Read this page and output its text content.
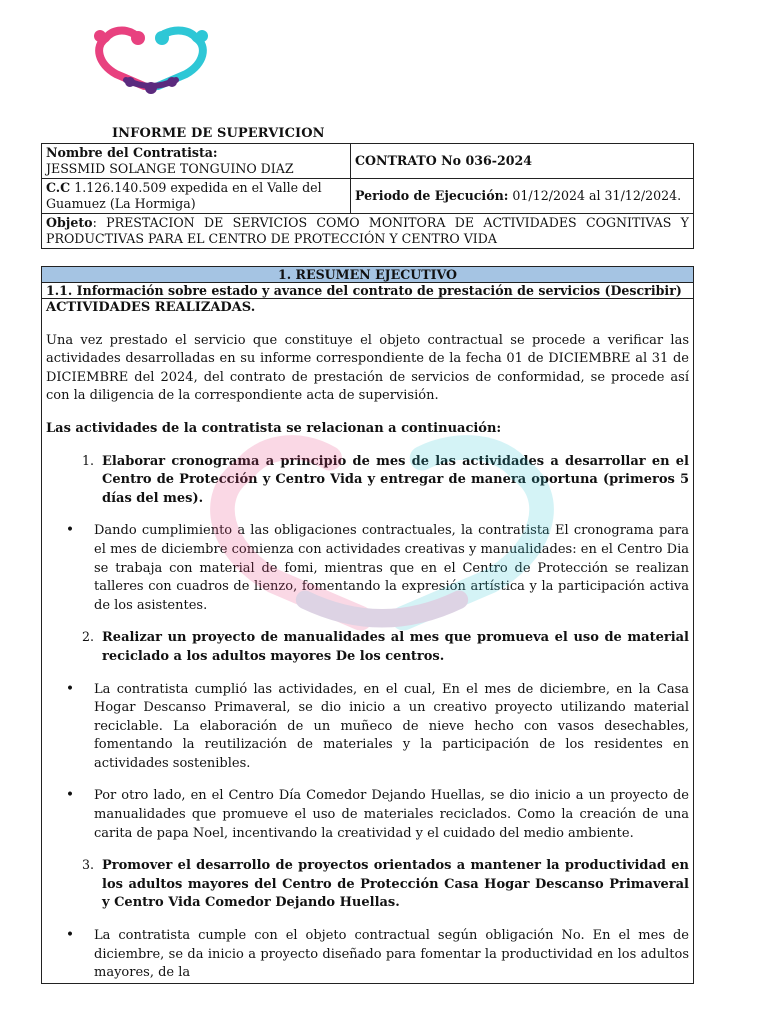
INFORME DE SUPERVICION
Nombre del Contratista:
JESSMID SOLANGE TONGUINO DIAZ	CONTRATO No 036-2024
C.C 1.126.140.509 expedida en el Valle del Guamuez (La Hormiga)	Periodo de Ejecución: 01/12/2024 al 31/12/2024.
Objeto: PRESTACION DE SERVICIOS COMO MONITORA DE ACTIVIDADES COGNITIVAS Y PRODUCTIVAS PARA EL CENTRO DE PROTECCIÓN Y CENTRO VIDA	
1. RESUMEN EJECUTIVO
1.1. Información sobre estado y avance del contrato de prestación de servicios (Describir)

ACTIVIDADES REALIZADAS.

Una vez prestado el servicio que constituye el objeto contractual se procede a verificar las actividades desarrolladas en su informe correspondiente de la fecha 01 de DICIEMBRE al 31 de DICIEMBRE del 2024, del contrato de prestación de servicios de conformidad, se procede así con la diligencia de la correspondiente acta de supervisión.

Las actividades de la contratista se relacionan a continuación:

1. Elaborar cronograma a principio de mes de las actividades a desarrollar en el Centro de Protección y Centro Vida y entregar de manera oportuna (primeros 5 días del mes).
•	Dando cumplimiento a las obligaciones contractuales, la contratista El cronograma para el mes de diciembre comienza con actividades creativas y manualidades: en el Centro Dia se trabaja con material de fomi, mientras que en el Centro de Protección se realizan talleres con cuadros de lienzo, fomentando la expresión artística y la participación activa de los asistentes.
2. Realizar un proyecto de manualidades al mes que promueva el uso de material reciclado a los adultos mayores De los centros.
•	La contratista cumplió las actividades, en el cual, En el mes de diciembre, en la Casa Hogar Descanso Primaveral, se dio inicio a un creativo proyecto utilizando material reciclable. La elaboración de un muñeco de nieve hecho con vasos desechables, fomentando la reutilización de materiales y la participación de los residentes en actividades sostenibles.
•	Por otro lado, en el Centro Día Comedor Dejando Huellas, se dio inicio a un proyecto de manualidades que promueve el uso de materiales reciclados. Como la creación de una carita de papa Noel, incentivando la creatividad y el cuidado del medio ambiente.
3. Promover el desarrollo de proyectos orientados a mantener la productividad en los adultos mayores del Centro de Protección Casa Hogar Descanso Primaveral y Centro Vida Comedor Dejando Huellas.
•	La contratista cumple con el objeto contractual según obligación No. En el mes de diciembre, se da inicio a proyecto diseñado para fomentar la productividad en los adultos mayores, de la
